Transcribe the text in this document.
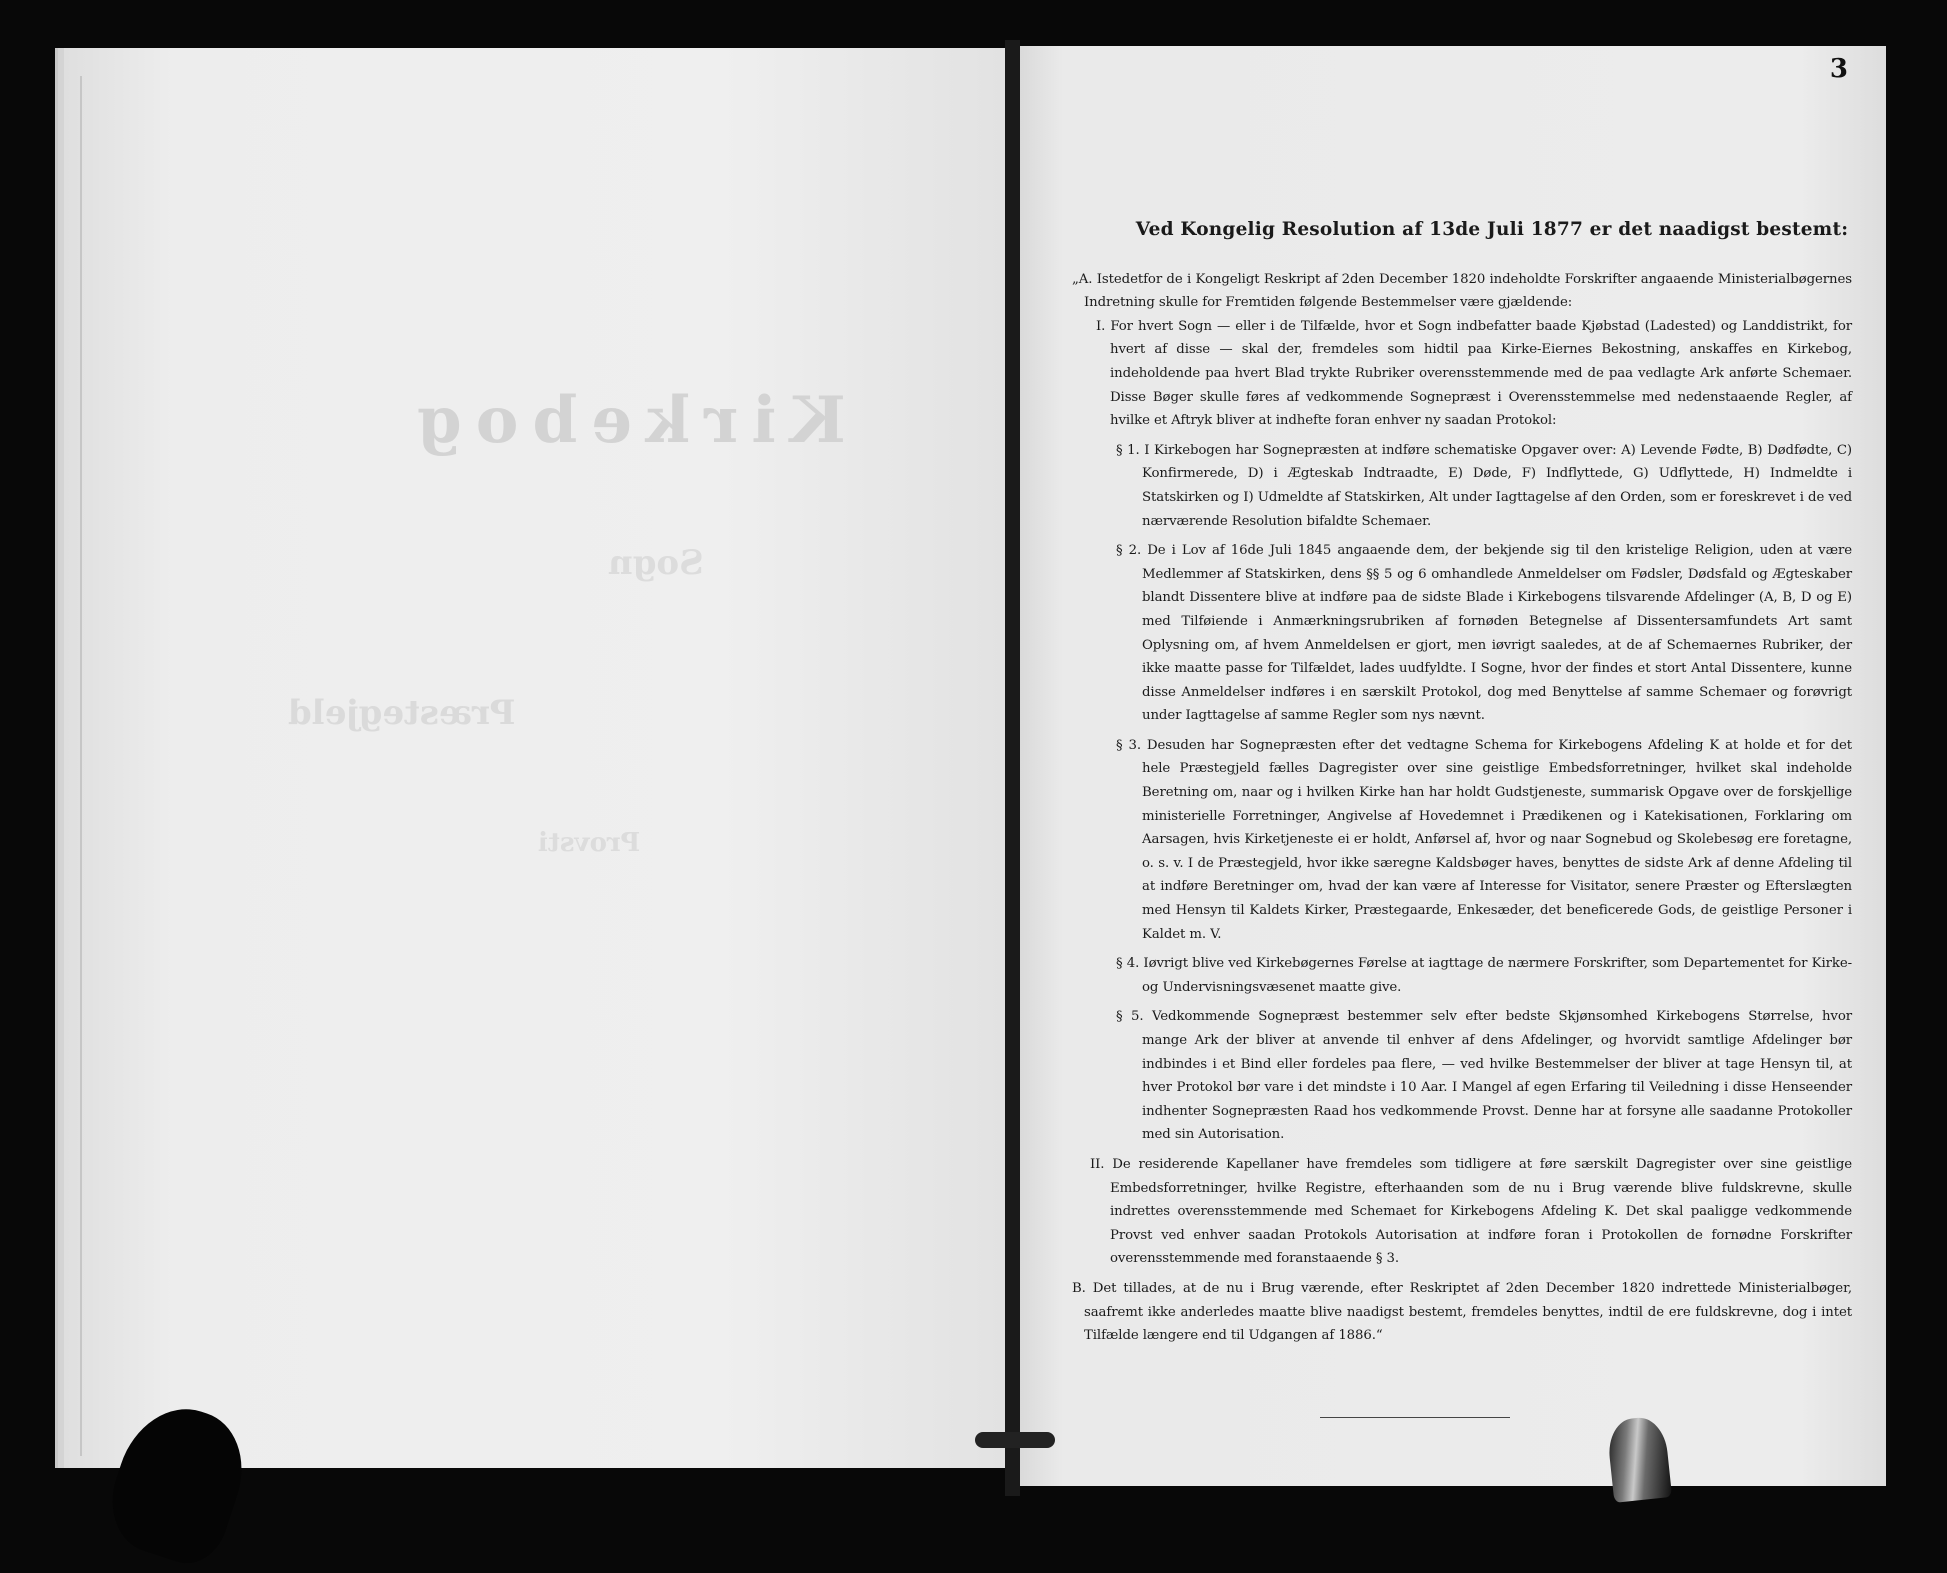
Kirkebog
Sogn
Præstegjeld
Provsti
3
Ved Kongelig Resolution af 13de Juli 1877 er det naadigst bestemt:

„A. Istedetfor de i Kongeligt Reskript af 2den December 1820 indeholdte Forskrifter angaaende Ministerialbøgernes Indretning skulle for Fremtiden følgende Bestemmelser være gjældende:

I. For hvert Sogn — eller i de Tilfælde, hvor et Sogn indbefatter baade Kjøbstad (Ladested) og Landdistrikt, for hvert af disse — skal der, fremdeles som hidtil paa Kirke-Eiernes Bekostning, anskaffes en Kirkebog, indeholdende paa hvert Blad trykte Rubriker overensstemmende med de paa vedlagte Ark anførte Schemaer. Disse Bøger skulle føres af vedkommende Sognepræst i Overensstemmelse med nedenstaaende Regler, af hvilke et Aftryk bliver at indhefte foran enhver ny saadan Protokol:

§ 1. I Kirkebogen har Sognepræsten at indføre schematiske Opgaver over: A) Levende Fødte, B) Dødfødte, C) Konfirmerede, D) i Ægteskab Indtraadte, E) Døde, F) Indflyttede, G) Udflyttede, H) Indmeldte i Statskirken og I) Udmeldte af Statskirken, Alt under Iagttagelse af den Orden, som er foreskrevet i de ved nærværende Resolution bifaldte Schemaer.

§ 2. De i Lov af 16de Juli 1845 angaaende dem, der bekjende sig til den kristelige Religion, uden at være Medlemmer af Statskirken, dens §§ 5 og 6 omhandlede Anmeldelser om Fødsler, Dødsfald og Ægteskaber blandt Dissentere blive at indføre paa de sidste Blade i Kirkebogens tilsvarende Afdelinger (A, B, D og E) med Tilføiende i Anmærkningsrubriken af fornøden Betegnelse af Dissentersamfundets Art samt Oplysning om, af hvem Anmeldelsen er gjort, men iøvrigt saaledes, at de af Schemaernes Rubriker, der ikke maatte passe for Tilfældet, lades uudfyldte. I Sogne, hvor der findes et stort Antal Dissentere, kunne disse Anmeldelser indføres i en særskilt Protokol, dog med Benyttelse af samme Schemaer og forøvrigt under Iagttagelse af samme Regler som nys nævnt.

§ 3. Desuden har Sognepræsten efter det vedtagne Schema for Kirkebogens Afdeling K at holde et for det hele Præstegjeld fælles Dagregister over sine geistlige Embedsforretninger, hvilket skal indeholde Beretning om, naar og i hvilken Kirke han har holdt Gudstjeneste, summarisk Opgave over de forskjellige ministerielle Forretninger, Angivelse af Hovedemnet i Prædikenen og i Katekisationen, Forklaring om Aarsagen, hvis Kirketjeneste ei er holdt, Anførsel af, hvor og naar Sognebud og Skolebesøg ere foretagne, o. s. v. I de Præstegjeld, hvor ikke særegne Kaldsbøger haves, benyttes de sidste Ark af denne Afdeling til at indføre Beretninger om, hvad der kan være af Interesse for Visitator, senere Præster og Efterslægten med Hensyn til Kaldets Kirker, Præstegaarde, Enkesæder, det beneficerede Gods, de geistlige Personer i Kaldet m. V.

§ 4. Iøvrigt blive ved Kirkebøgernes Førelse at iagttage de nærmere Forskrifter, som Departementet for Kirke- og Undervisningsvæsenet maatte give.

§ 5. Vedkommende Sognepræst bestemmer selv efter bedste Skjønsomhed Kirkebogens Størrelse, hvor mange Ark der bliver at anvende til enhver af dens Afdelinger, og hvorvidt samtlige Afdelinger bør indbindes i et Bind eller fordeles paa flere, — ved hvilke Bestemmelser der bliver at tage Hensyn til, at hver Protokol bør vare i det mindste i 10 Aar. I Mangel af egen Erfaring til Veiledning i disse Henseender indhenter Sognepræsten Raad hos vedkommende Provst. Denne har at forsyne alle saadanne Protokoller med sin Autorisation.

II. De residerende Kapellaner have fremdeles som tidligere at føre særskilt Dagregister over sine geistlige Embedsforretninger, hvilke Registre, efterhaanden som de nu i Brug værende blive fuldskrevne, skulle indrettes overensstemmende med Schemaet for Kirkebogens Afdeling K. Det skal paaligge vedkommende Provst ved enhver saadan Protokols Autorisation at indføre foran i Protokollen de fornødne Forskrifter overensstemmende med foranstaaende § 3.

B. Det tillades, at de nu i Brug værende, efter Reskriptet af 2den December 1820 indrettede Ministerialbøger, saafremt ikke anderledes maatte blive naadigst bestemt, fremdeles benyttes, indtil de ere fuldskrevne, dog i intet Tilfælde længere end til Udgangen af 1886.“
